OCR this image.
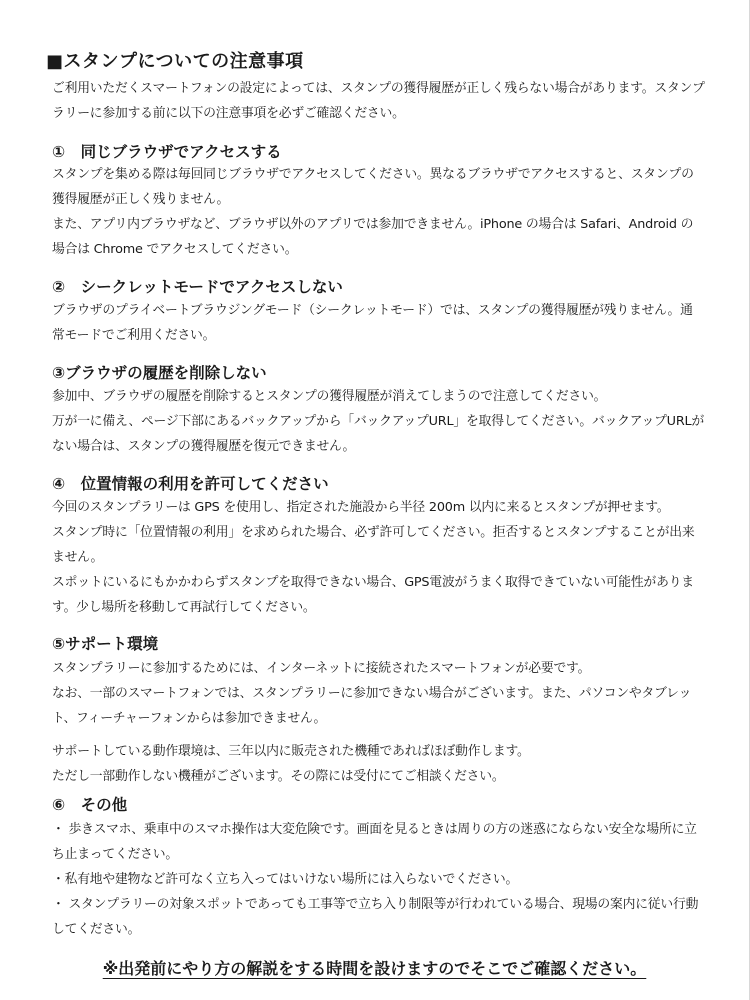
■スタンプについての注意事項

ご利用いただくスマートフォンの設定によっては、スタンプの獲得履歴が正しく残らない場合があります。スタンプラリーに参加する前に以下の注意事項を必ずご確認ください。

①　同じブラウザでアクセスする

スタンプを集める際は毎回同じブラウザでアクセスしてください。異なるブラウザでアクセスすると、スタンプの獲得履歴が正しく残りません。

また、アプリ内ブラウザなど、ブラウザ以外のアプリでは参加できません。iPhone の場合は Safari、Android の場合は Chrome でアクセスしてください。

②　シークレットモードでアクセスしない

ブラウザのプライベートブラウジングモード（シークレットモード）では、スタンプの獲得履歴が残りません。通常モードでご利用ください。

③ブラウザの履歴を削除しない

参加中、ブラウザの履歴を削除するとスタンプの獲得履歴が消えてしまうので注意してください。

万が一に備え、ページ下部にあるバックアップから「バックアップURL」を取得してください。バックアップURLがない場合は、スタンプの獲得履歴を復元できません。

④　位置情報の利用を許可してください

今回のスタンプラリーは GPS を使用し、指定された施設から半径 200m 以内に来るとスタンプが押せます。

スタンプ時に「位置情報の利用」を求められた場合、必ず許可してください。拒否するとスタンプすることが出来ません。

スポットにいるにもかかわらずスタンプを取得できない場合、GPS電波がうまく取得できていない可能性があります。少し場所を移動して再試行してください。

⑤サポート環境

スタンプラリーに参加するためには、インターネットに接続されたスマートフォンが必要です。

なお、一部のスマートフォンでは、スタンプラリーに参加できない場合がございます。また、パソコンやタブレット、フィーチャーフォンからは参加できません。

サポートしている動作環境は、三年以内に販売された機種であればほぼ動作します。

ただし一部動作しない機種がございます。その際には受付にてご相談ください。

⑥　その他

・ 歩きスマホ、乗車中のスマホ操作は大変危険です。画面を見るときは周りの方の迷惑にならない安全な場所に立ち止まってください。

・私有地や建物など許可なく立ち入ってはいけない場所には入らないでください。

・ スタンプラリーの対象スポットであっても工事等で立ち入り制限等が行われている場合、現場の案内に従い行動してください。

※出発前にやり方の解説をする時間を設けますのでそこでご確認ください。
